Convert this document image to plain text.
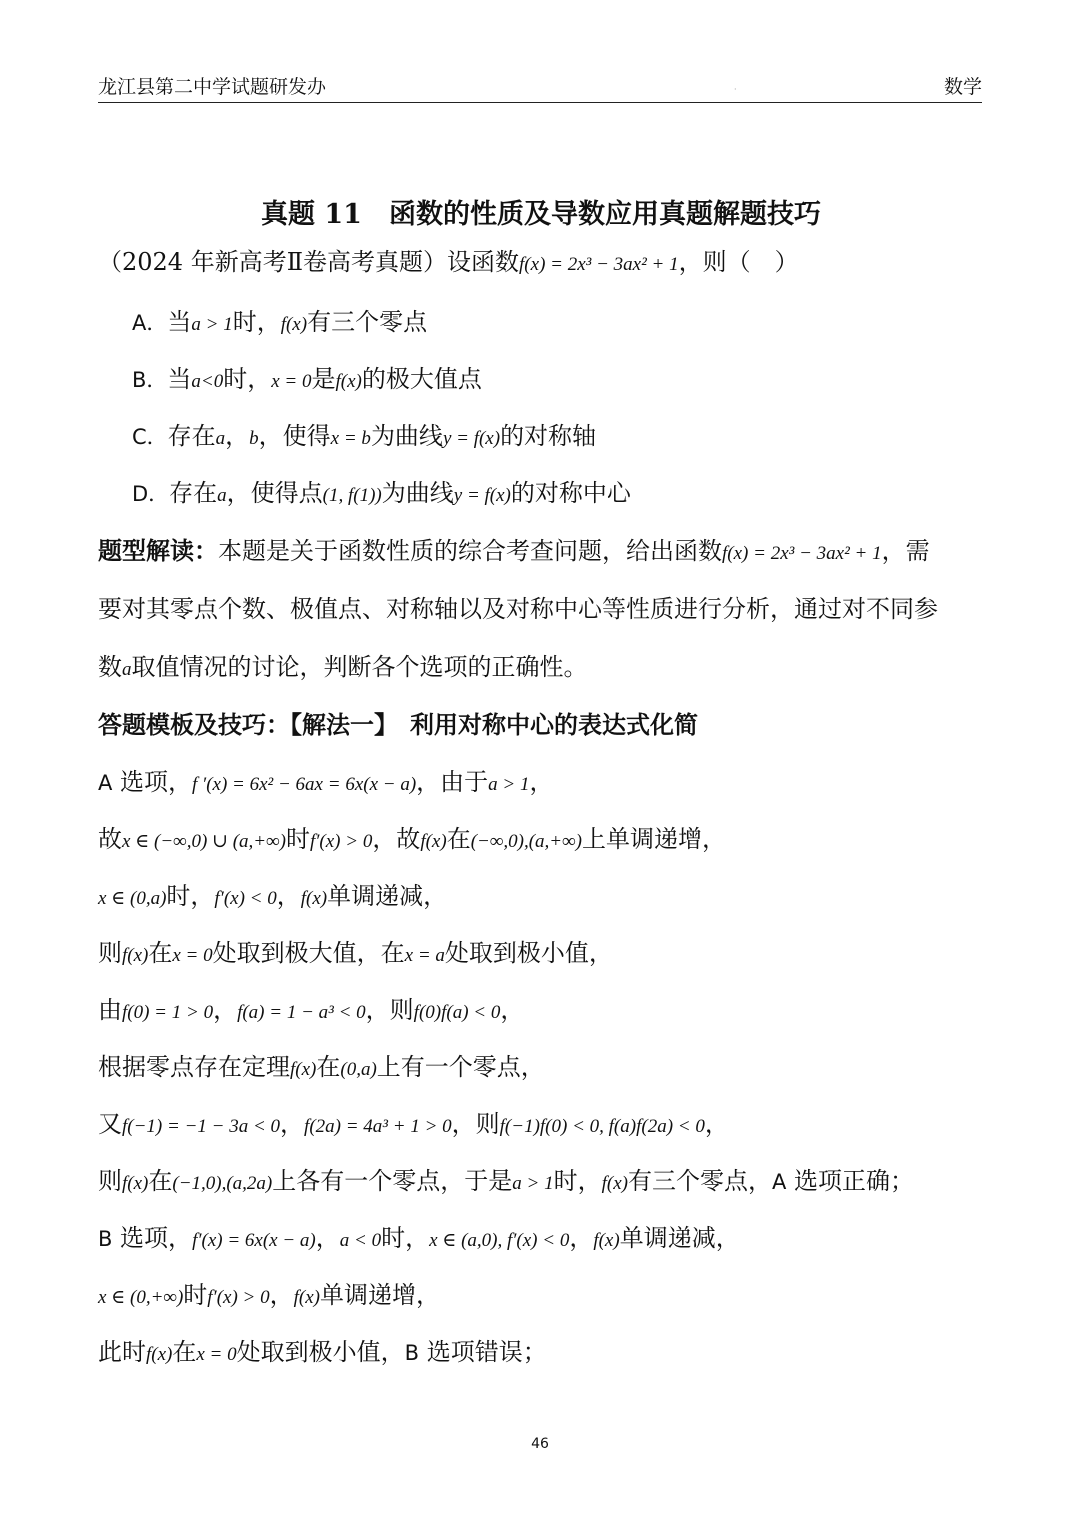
龙江县第二中学试题研发办	·	数学
真题 11　函数的性质及导数应用真题解题技巧
（2024 年新高考Ⅱ卷高考真题）设函数f(x) = 2x³ − 3ax² + 1，则（　）
A．当a > 1时，f(x)有三个零点
B．当a<0时，x = 0是f(x)的极大值点
C．存在a，b，使得x = b为曲线y = f(x)的对称轴
D．存在a，使得点(1, f(1))为曲线y = f(x)的对称中心
题型解读：本题是关于函数性质的综合考查问题，给出函数f(x) = 2x³ − 3ax² + 1，需
要对其零点个数、极值点、对称轴以及对称中心等性质进行分析，通过对不同参
数a取值情况的讨论，判断各个选项的正确性。
答题模板及技巧：【解法一】  利用对称中心的表达式化简
A 选项，f ′(x) = 6x² − 6ax = 6x(x − a)，由于a > 1，
故x ∈ (−∞,0) ∪ (a,+∞)时f′(x) > 0，故f(x)在(−∞,0),(a,+∞)上单调递增，
x ∈ (0,a)时，f′(x) < 0，f(x)单调递减，
则f(x)在x = 0处取到极大值，在x = a处取到极小值，
由f(0) = 1 > 0，f(a) = 1 − a³ < 0，则f(0)f(a) < 0，
根据零点存在定理f(x)在(0,a)上有一个零点，
又f(−1) = −1 − 3a < 0，f(2a) = 4a³ + 1 > 0，则f(−1)f(0) < 0, f(a)f(2a) < 0，
则f(x)在(−1,0),(a,2a)上各有一个零点，于是a > 1时，f(x)有三个零点，A 选项正确；
B 选项，f′(x) = 6x(x − a)，a < 0时，x ∈ (a,0), f′(x) < 0，f(x)单调递减，
x ∈ (0,+∞)时f′(x) > 0，f(x)单调递增，
此时f(x)在x = 0处取到极小值，B 选项错误；
46
